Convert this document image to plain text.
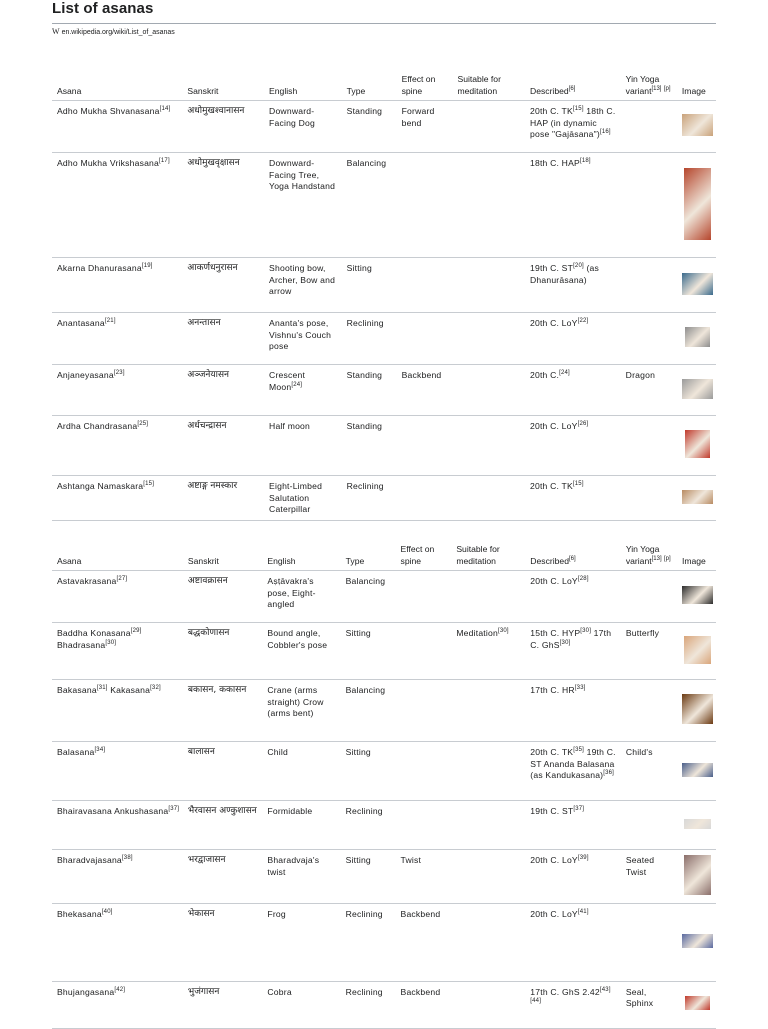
List of asanas
W en.wikipedia.org/wiki/List_of_asanas
Asana	Sanskrit	English	Type	Effect on spine	Suitable for meditation	Described[6]	Yin Yoga variant[13] [p]	Image
Adho Mukha Shvanasana[14]	अधोमुखश्वानासन	Downward-Facing Dog	Standing	Forward bend		20th C. TK[15] 18th C. HAP (in dynamic pose "Gajāsana")[16]		
Adho Mukha Vrikshasana[17]	अधोमुखवृक्षासन	Downward-Facing Tree, Yoga Handstand	Balancing			18th C. HAP[18]		
Akarna Dhanurasana[19]	आकर्णधनुरासन	Shooting bow, Archer, Bow and arrow	Sitting			19th C. ST[20] (as Dhanurāsana)		
Anantasana[21]	अनन्तासन	Ananta's pose, Vishnu's Couch pose	Reclining			20th C. LoY[22]		
Anjaneyasana[23]	अञ्जनेयासन	Crescent Moon[24]	Standing	Backbend		20th C.[24]	Dragon	
Ardha Chandrasana[25]	अर्धचन्द्रासन	Half moon	Standing			20th C. LoY[26]		
Ashtanga Namaskara[15]	अष्टाङ्ग नमस्कार	Eight-Limbed Salutation Caterpillar	Reclining			20th C. TK[15]		
Asana	Sanskrit	English	Type	Effect on spine	Suitable for meditation	Described[6]	Yin Yoga variant[13] [p]	Image
Astavakrasana[27]	अष्टावक्रासन	Aṣṭāvakra's pose, Eight-angled	Balancing			20th C. LoY[28]		
Baddha Konasana[29] Bhadrasana[30]	बद्धकोणासन	Bound angle, Cobbler's pose	Sitting		Meditation[30]	15th C. HYP[30] 17th C. GhS[30]	Butterfly	
Bakasana[31] Kakasana[32]	बकासन, ककासन	Crane (arms straight) Crow (arms bent)	Balancing			17th C. HR[33]		
Balasana[34]	बालासन	Child	Sitting			20th C. TK[35] 19th C. ST Ananda Balasana (as Kandukasana)[36]	Child's	
Bhairavasana Ankushasana[37]	भैरवासन अण्कुशासन	Formidable	Reclining			19th C. ST[37]		
Bharadvajasana[38]	भरद्वाजासन	Bharadvaja's twist	Sitting	Twist		20th C. LoY[39]	Seated Twist	
Bhekasana[40]	भेकासन	Frog	Reclining	Backbend		20th C. LoY[41]		
Bhujangasana[42]	भुजंगासन	Cobra	Reclining	Backbend		17th C. GhS 2.42[43][44]	Seal, Sphinx	
